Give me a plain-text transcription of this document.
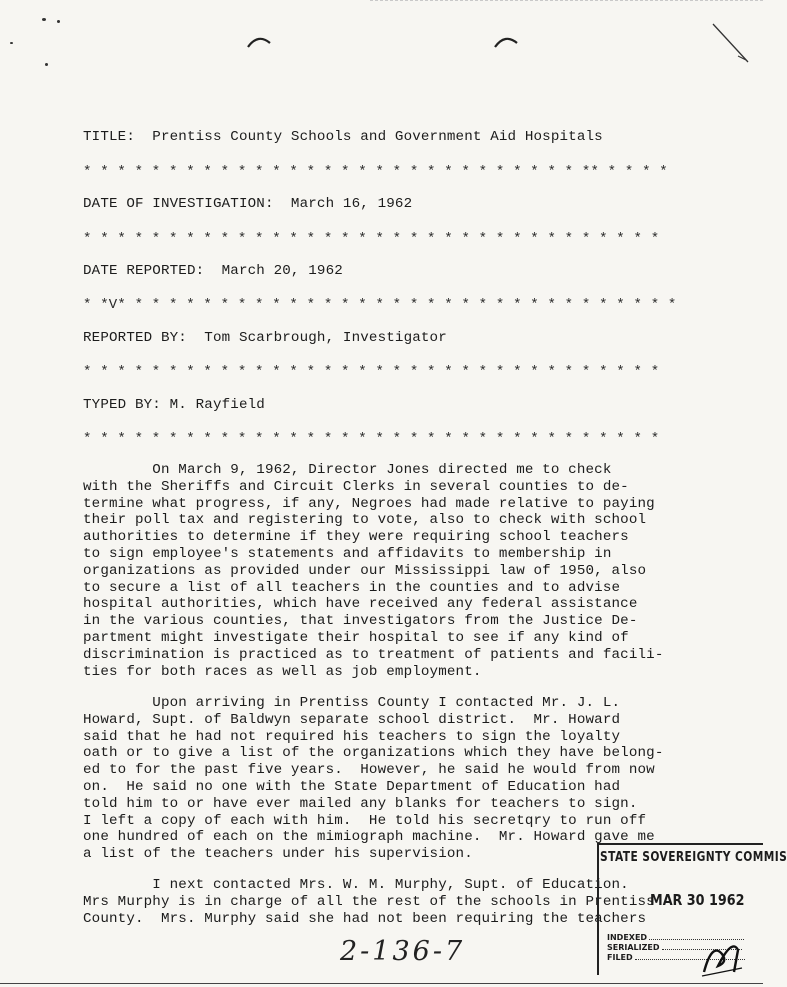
TITLE:  Prentiss County Schools and Government Aid Hospitals
* * * * * * * * * * * * * * * * * * * * * * * * * * * * * ** * * * *
DATE OF INVESTIGATION:  March 16, 1962
* * * * * * * * * * * * * * * * * * * * * * * * * * * * * * * * * *
DATE REPORTED:  March 20, 1962
* *V* * * * * * * * * * * * * * * * * * * * * * * * * * * * * * * * *
REPORTED BY:  Tom Scarbrough, Investigator
* * * * * * * * * * * * * * * * * * * * * * * * * * * * * * * * * *
TYPED BY: M. Rayfield
* * * * * * * * * * * * * * * * * * * * * * * * * * * * * * * * * *
On March 9, 1962, Director Jones directed me to check
with the Sheriffs and Circuit Clerks in several counties to de-
termine what progress, if any, Negroes had made relative to paying
their poll tax and registering to vote, also to check with school
authorities to determine if they were requiring school teachers
to sign employee's statements and affidavits to membership in
organizations as provided under our Mississippi law of 1950, also
to secure a list of all teachers in the counties and to advise
hospital authorities, which have received any federal assistance
in the various counties, that investigators from the Justice De-
partment might investigate their hospital to see if any kind of
discrimination is practiced as to treatment of patients and facili-
ties for both races as well as job employment.
Upon arriving in Prentiss County I contacted Mr. J. L.
Howard, Supt. of Baldwyn separate school district.  Mr. Howard
said that he had not required his teachers to sign the loyalty
oath or to give a list of the organizations which they have belong-
ed to for the past five years.  However, he said he would from now
on.  He said no one with the State Department of Education had
told him to or have ever mailed any blanks for teachers to sign.
I left a copy of each with him.  He told his secretqry to run off
one hundred of each on the mimiograph machine.  Mr. Howard gave me
a list of the teachers under his supervision.
I next contacted Mrs. W. M. Murphy, Supt. of Education.
Mrs Murphy is in charge of all the rest of the schools in Prentiss
County.  Mrs. Murphy said she had not been requiring the teachers
STATE SOVEREIGNTY COMMIS
MAR 30 1962
INDEXED
SERIALIZED
FILED
2-136-7
